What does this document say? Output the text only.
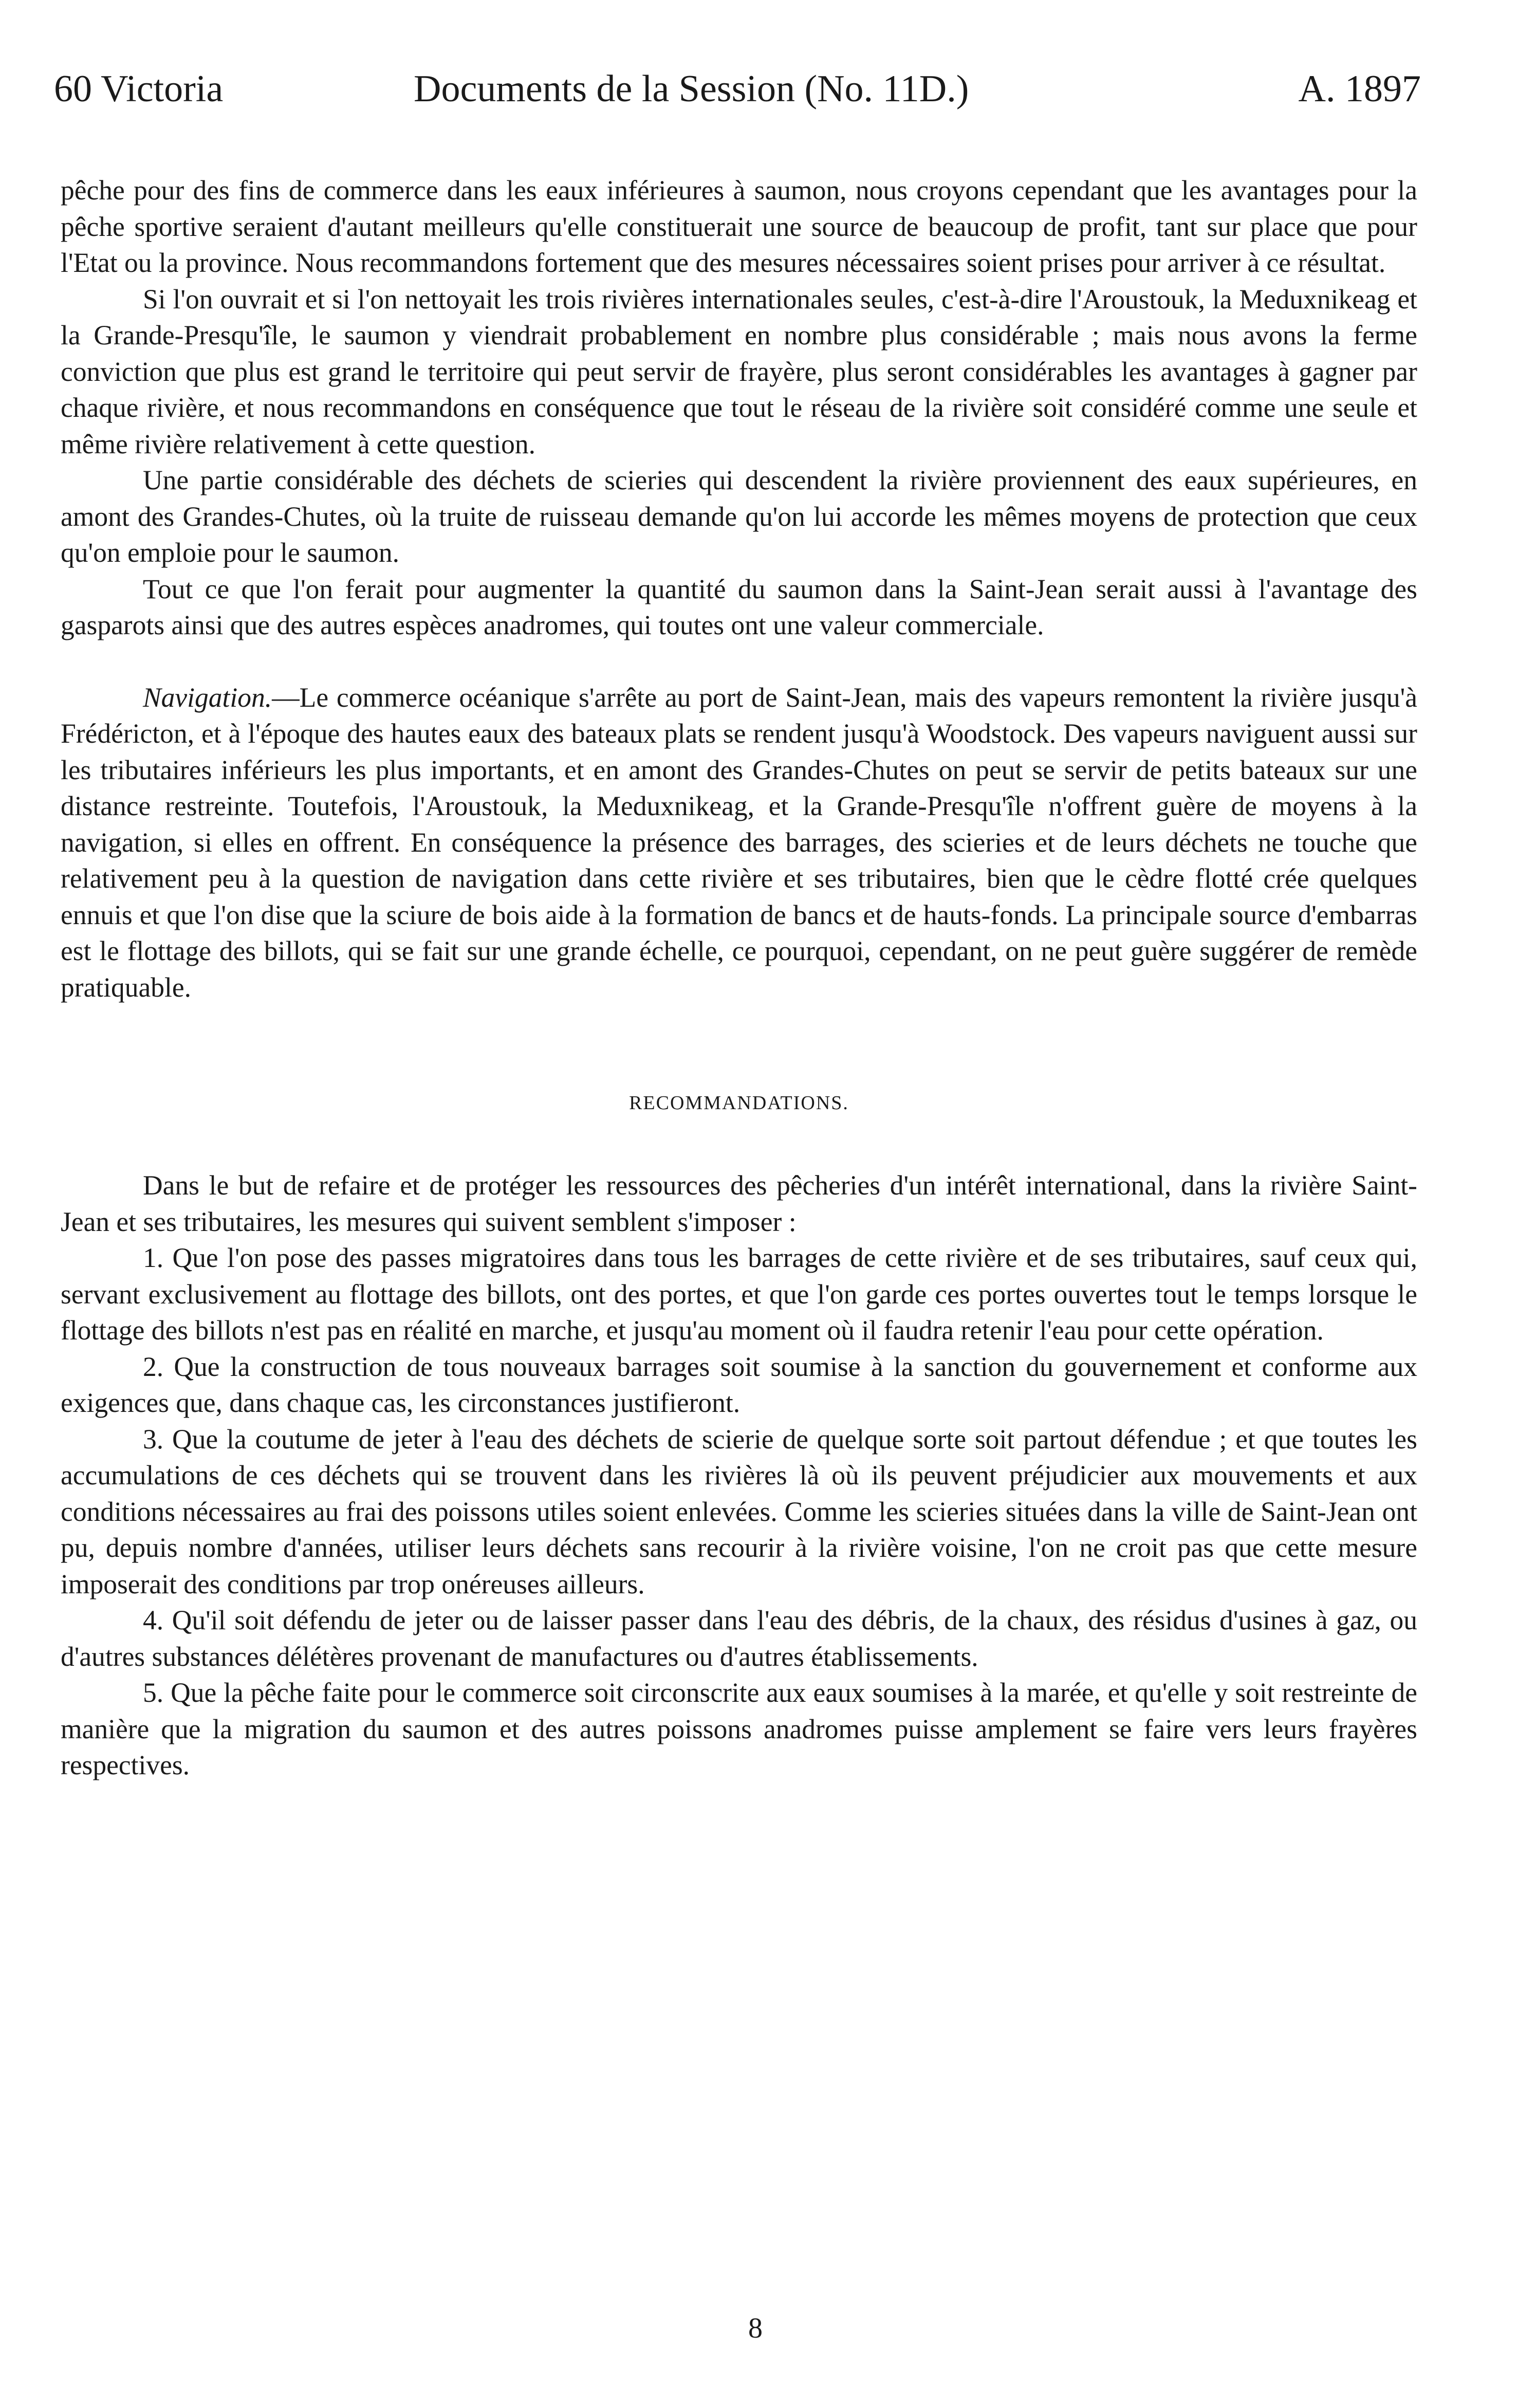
60 Victoria	Documents de la Session (No. 11D.)	A. 1897

pêche pour des fins de commerce dans les eaux inférieures à saumon, nous croyons cependant que les avantages pour la pêche sportive seraient d'autant meilleurs qu'elle constituerait une source de beaucoup de profit, tant sur place que pour l'Etat ou la province. Nous recommandons fortement que des mesures nécessaires soient prises pour arriver à ce résultat.

Si l'on ouvrait et si l'on nettoyait les trois rivières internationales seules, c'est-à-dire l'Aroustouk, la Meduxnikeag et la Grande-Presqu'île, le saumon y viendrait probablement en nombre plus considérable ; mais nous avons la ferme conviction que plus est grand le territoire qui peut servir de frayère, plus seront considérables les avantages à gagner par chaque rivière, et nous recommandons en conséquence que tout le réseau de la rivière soit considéré comme une seule et même rivière relativement à cette question.

Une partie considérable des déchets de scieries qui descendent la rivière proviennent des eaux supérieures, en amont des Grandes-Chutes, où la truite de ruisseau demande qu'on lui accorde les mêmes moyens de protection que ceux qu'on emploie pour le saumon.

Tout ce que l'on ferait pour augmenter la quantité du saumon dans la Saint-Jean serait aussi à l'avantage des gasparots ainsi que des autres espèces anadromes, qui toutes ont une valeur commerciale.

Navigation.—Le commerce océanique s'arrête au port de Saint-Jean, mais des vapeurs remontent la rivière jusqu'à Frédéricton, et à l'époque des hautes eaux des bateaux plats se rendent jusqu'à Woodstock. Des vapeurs naviguent aussi sur les tributaires inférieurs les plus importants, et en amont des Grandes-Chutes on peut se servir de petits bateaux sur une distance restreinte. Toutefois, l'Aroustouk, la Meduxnikeag, et la Grande-Presqu'île n'offrent guère de moyens à la navigation, si elles en offrent. En conséquence la présence des barrages, des scieries et de leurs déchets ne touche que relativement peu à la question de navigation dans cette rivière et ses tributaires, bien que le cèdre flotté crée quelques ennuis et que l'on dise que la sciure de bois aide à la formation de bancs et de hauts-fonds. La principale source d'embarras est le flottage des billots, qui se fait sur une grande échelle, ce pourquoi, cependant, on ne peut guère suggérer de remède pratiquable.

RECOMMANDATIONS.

Dans le but de refaire et de protéger les ressources des pêcheries d'un intérêt international, dans la rivière Saint-Jean et ses tributaires, les mesures qui suivent semblent s'imposer :

1. Que l'on pose des passes migratoires dans tous les barrages de cette rivière et de ses tributaires, sauf ceux qui, servant exclusivement au flottage des billots, ont des portes, et que l'on garde ces portes ouvertes tout le temps lorsque le flottage des billots n'est pas en réalité en marche, et jusqu'au moment où il faudra retenir l'eau pour cette opération.

2. Que la construction de tous nouveaux barrages soit soumise à la sanction du gouvernement et conforme aux exigences que, dans chaque cas, les circonstances justifieront.

3. Que la coutume de jeter à l'eau des déchets de scierie de quelque sorte soit partout défendue ; et que toutes les accumulations de ces déchets qui se trouvent dans les rivières là où ils peuvent préjudicier aux mouvements et aux conditions nécessaires au frai des poissons utiles soient enlevées. Comme les scieries situées dans la ville de Saint-Jean ont pu, depuis nombre d'années, utiliser leurs déchets sans recourir à la rivière voisine, l'on ne croit pas que cette mesure imposerait des conditions par trop onéreuses ailleurs.

4. Qu'il soit défendu de jeter ou de laisser passer dans l'eau des débris, de la chaux, des résidus d'usines à gaz, ou d'autres substances délétères provenant de manufactures ou d'autres établissements.

5. Que la pêche faite pour le commerce soit circonscrite aux eaux soumises à la marée, et qu'elle y soit restreinte de manière que la migration du saumon et des autres poissons anadromes puisse amplement se faire vers leurs frayères respectives.

8
